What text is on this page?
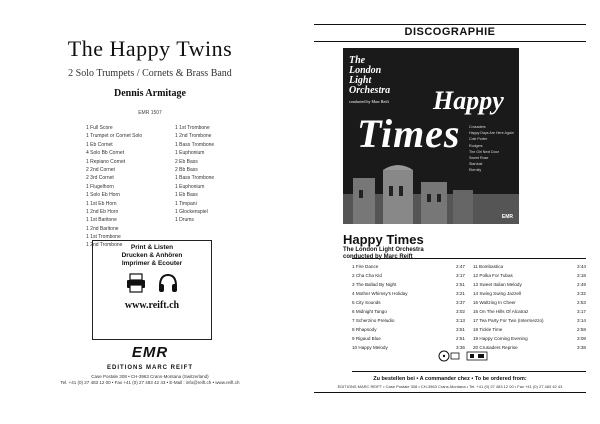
The Happy Twins
2 Solo Trumpets / Cornets & Brass Band
Dennis Armitage
EMR 1507
1 Full Score
1 Trumpet or Cornet Solo
1 Eb Cornet
4 Solo Bb Cornet
1 Repiano Cornet
2 2nd Cornet
2 3rd Cornet
1 Flugelhorn
1 Solo Eb Horn
1 1st Eb Horn
1 2nd Eb Horn
1 1st Baritone
1 2nd Baritone
1 1st Trombone
1 2nd Trombone
1 1st Trombone
1 2nd Trombone
1 Bass Trombone
1 Euphonium
2 Eb Bass
2 Bb Bass
1 Bass Trombone
1 Euphonium
1 Eb Bass
1 Timpani
1 Glockenspiel
1 Drums
Print & Listen
Drucken & Anhören
Imprimer & Ecouter
www.reift.ch
EMR
EDITIONS MARC REIFT
Case Postale 308 • CH-3963 Crans-Montana (Switzerland)
Tel. +41 (0) 27 483 12 00 • Fax +41 (0) 27 483 42 43 • E-Mail : info@reift.ch • www.reift.ch
DISCOGRAPHIE
The
London
Light
Orchestra
conducted by Marc Reift	Happy
Times Crusaders
Happy Days Are Here Again
Cole Porter
Rodgers
The Girl Next Door
Sweet Rose
Stardust
Eternity
EMR
Happy Times
The London Light Orchestra
conducted by Marc Reift
1 Fire Dance	2:47
2 Cha Cha Kid	3:17
3 The Ballad By Night	2:51
4 Mother Whimsy's Holiday	3:21
5 City Sounds	3:37
6 Midnight Tango	3:02
7 Scherzino Preludio	3:13
8 Rhapsody	3:51
9 Rigaud Blue	2:51
10 Happy Melody	3:36
11 Bombastica	3:44
12 Polka For Tubas	3:18
13 Sweet Italian Melody	2:49
14 Swing Swing Jazzell	3:32
15 Waltzing In Cheer	2:53
16 On The Hills Of Alcatraz	3:17
17 Tea Party For Two (Intermezzo)	3:14
18 Tickle Time	2:58
19 Happy Coming Evening	3:08
20 Crusaders Reprise	3:38
Zu bestellen bei • A commander chez • To be ordered from:
EDITIONS MARC REIFT • Case Postale 308 • CH-3963 Crans-Montana • Tel. +41 (0) 27 483 12 00 • Fax +41 (0) 27 483 42 43
